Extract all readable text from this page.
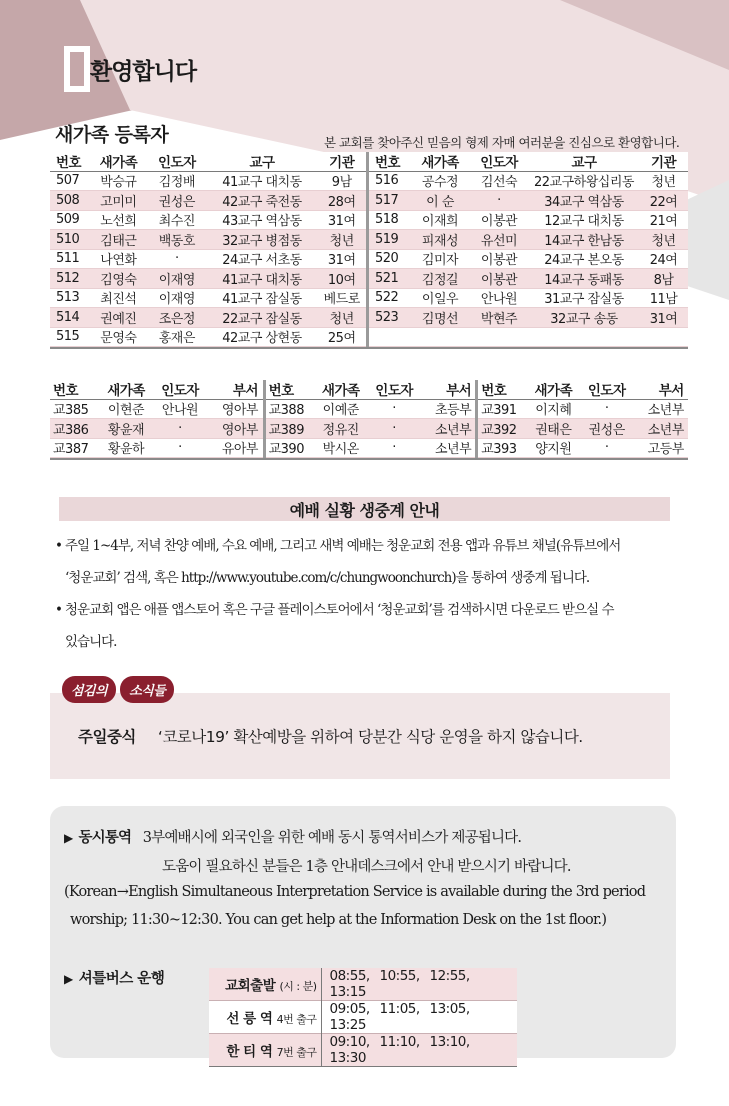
환영합니다
새가족 등록자	본 교회를 찾아주신 믿음의 형제 자매 여러분을 진심으로 환영합니다.
번호	새가족	인도자	교구	기관
507	박승규	김정배	41교구 대치동	9남
508	고미미	권성은	42교구 죽전동	28여
509	노선희	최수진	43교구 역삼동	31여
510	김태근	백동호	32교구 병점동	청년
511	나연화	·	24교구 서초동	31여
512	김영숙	이재영	41교구 대치동	10여
513	최진석	이재영	41교구 잠실동	베드로
514	권예진	조은정	22교구 잠실동	청년
515	문영숙	홍재은	42교구 상현동	25여
번호	새가족	인도자	교구	기관
516	공수정	김선숙	22교구하왕십리동	청년
517	이 순	·	34교구 역삼동	22여
518	이재희	이봉관	12교구 대치동	21여
519	피재성	유선미	14교구 한남동	청년
520	김미자	이봉관	24교구 본오동	24여
521	김정길	이봉관	14교구 동패동	8남
522	이일우	안나원	31교구 잠실동	11남
523	김명선	박현주	32교구 송동	31여
번호	새가족	인도자	부서
교385	이현준	안나원	영아부
교386	황윤재	·	영아부
교387	황윤하	·	유아부
번호	새가족	인도자	부서
교388	이예준	·	초등부
교389	정유진	·	소년부
교390	박시온	·	소년부
번호	새가족	인도자	부서
교391	이지혜	·	소년부
교392	권태은	권성은	소년부
교393	양지원	·	고등부
예배 실황 생중계 안내
• 주일 1~4부, 저녁 찬양 예배, 수요 예배, 그리고 새벽 예배는 청운교회 전용 앱과 유튜브 채널(유튜브에서
‘청운교회’ 검색, 혹은 http://www.youtube.com/c/chungwoonchurch)을 통하여 생중계 됩니다.
• 청운교회 앱은 애플 앱스토어 혹은 구글 플레이스토어에서 ‘청운교회’를 검색하시면 다운로드 받으실 수
있습니다.
주일중식 ‘코로나19’ 확산예방을 위하여 당분간 식당 운영을 하지 않습니다.
섬김의	소식들
▶ 동시통역 3부예배시에 외국인을 위한 예배 동시 통역서비스가 제공됩니다.
도움이 필요하신 분들은 1층 안내데스크에서 안내 받으시기 바랍니다.
(Korean→English Simultaneous Interpretation Service is available during the 3rd period
worship; 11:30~12:30. You can get help at the Information Desk on the 1st floor.)
▶ 셔틀버스 운행	교회출발 (시 : 분)	08:55, 10:55, 12:55, 13:15
선 릉 역 4번 출구	09:05, 11:05, 13:05, 13:25
한 티 역 7번 출구	09:10, 11:10, 13:10, 13:30
